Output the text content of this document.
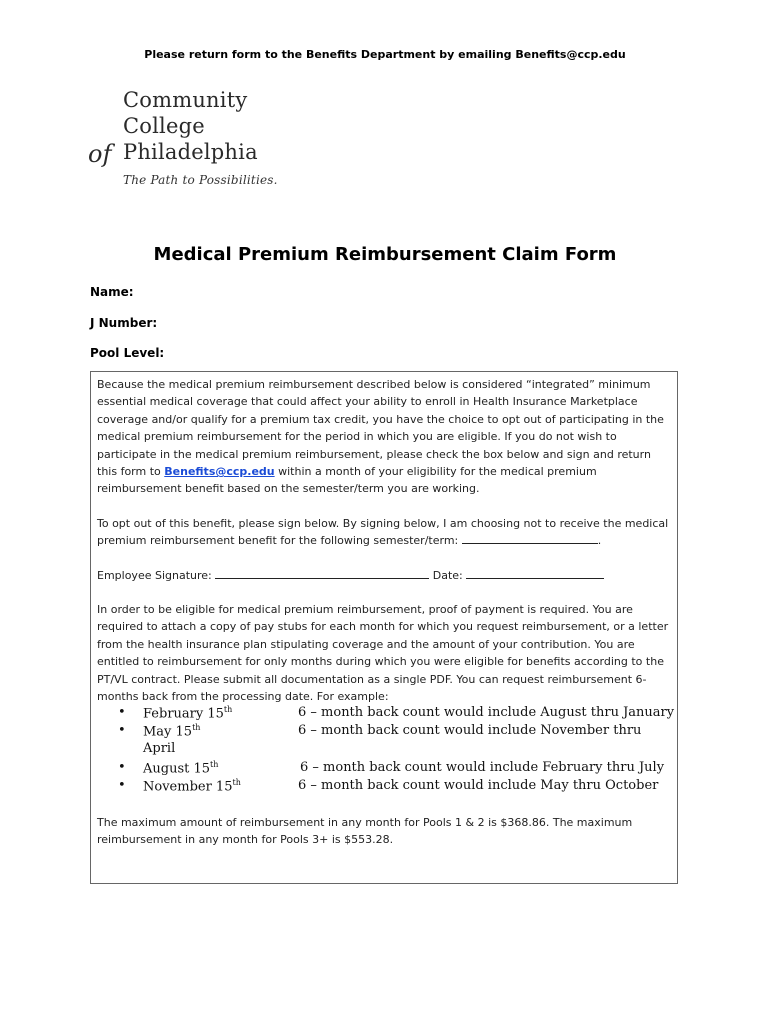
Please return form to the Benefits Department by emailing Benefits@ccp.edu
Community
College
of Philadelphia
The Path to Possibilities.
Medical Premium Reimbursement Claim Form
Name:
J Number:
Pool Level:
Because the medical premium reimbursement described below is considered “integrated” minimum essential medical coverage that could affect your ability to enroll in Health Insurance Marketplace coverage and/or qualify for a premium tax credit, you have the choice to opt out of participating in the medical premium reimbursement for the period in which you are eligible. If you do not wish to participate in the medical premium reimbursement, please check the box below and sign and return this form to Benefits@ccp.edu within a month of your eligibility for the medical premium reimbursement benefit based on the semester/term you are working.
To opt out of this benefit, please sign below. By signing below, I am choosing not to receive the medical premium reimbursement benefit for the following semester/term:	.
Employee Signature:	Date:
In order to be eligible for medical premium reimbursement, proof of payment is required. You are required to attach a copy of pay stubs for each month for which you request reimbursement, or a letter from the health insurance plan stipulating coverage and the amount of your contribution. You are entitled to reimbursement for only months during which you were eligible for benefits according to the PT/VL contract. Please submit all documentation as a single PDF. You can request reimbursement 6-months back from the processing date. For example:
• February 15th	6 – month back count would include August thru January
• May 15th	6 – month back count would include November thru
April
• August 15th	6 – month back count would include February thru July
• November 15th	6 – month back count would include May thru October
The maximum amount of reimbursement in any month for Pools 1 & 2 is $368.86. The maximum reimbursement in any month for Pools 3+ is $553.28.
